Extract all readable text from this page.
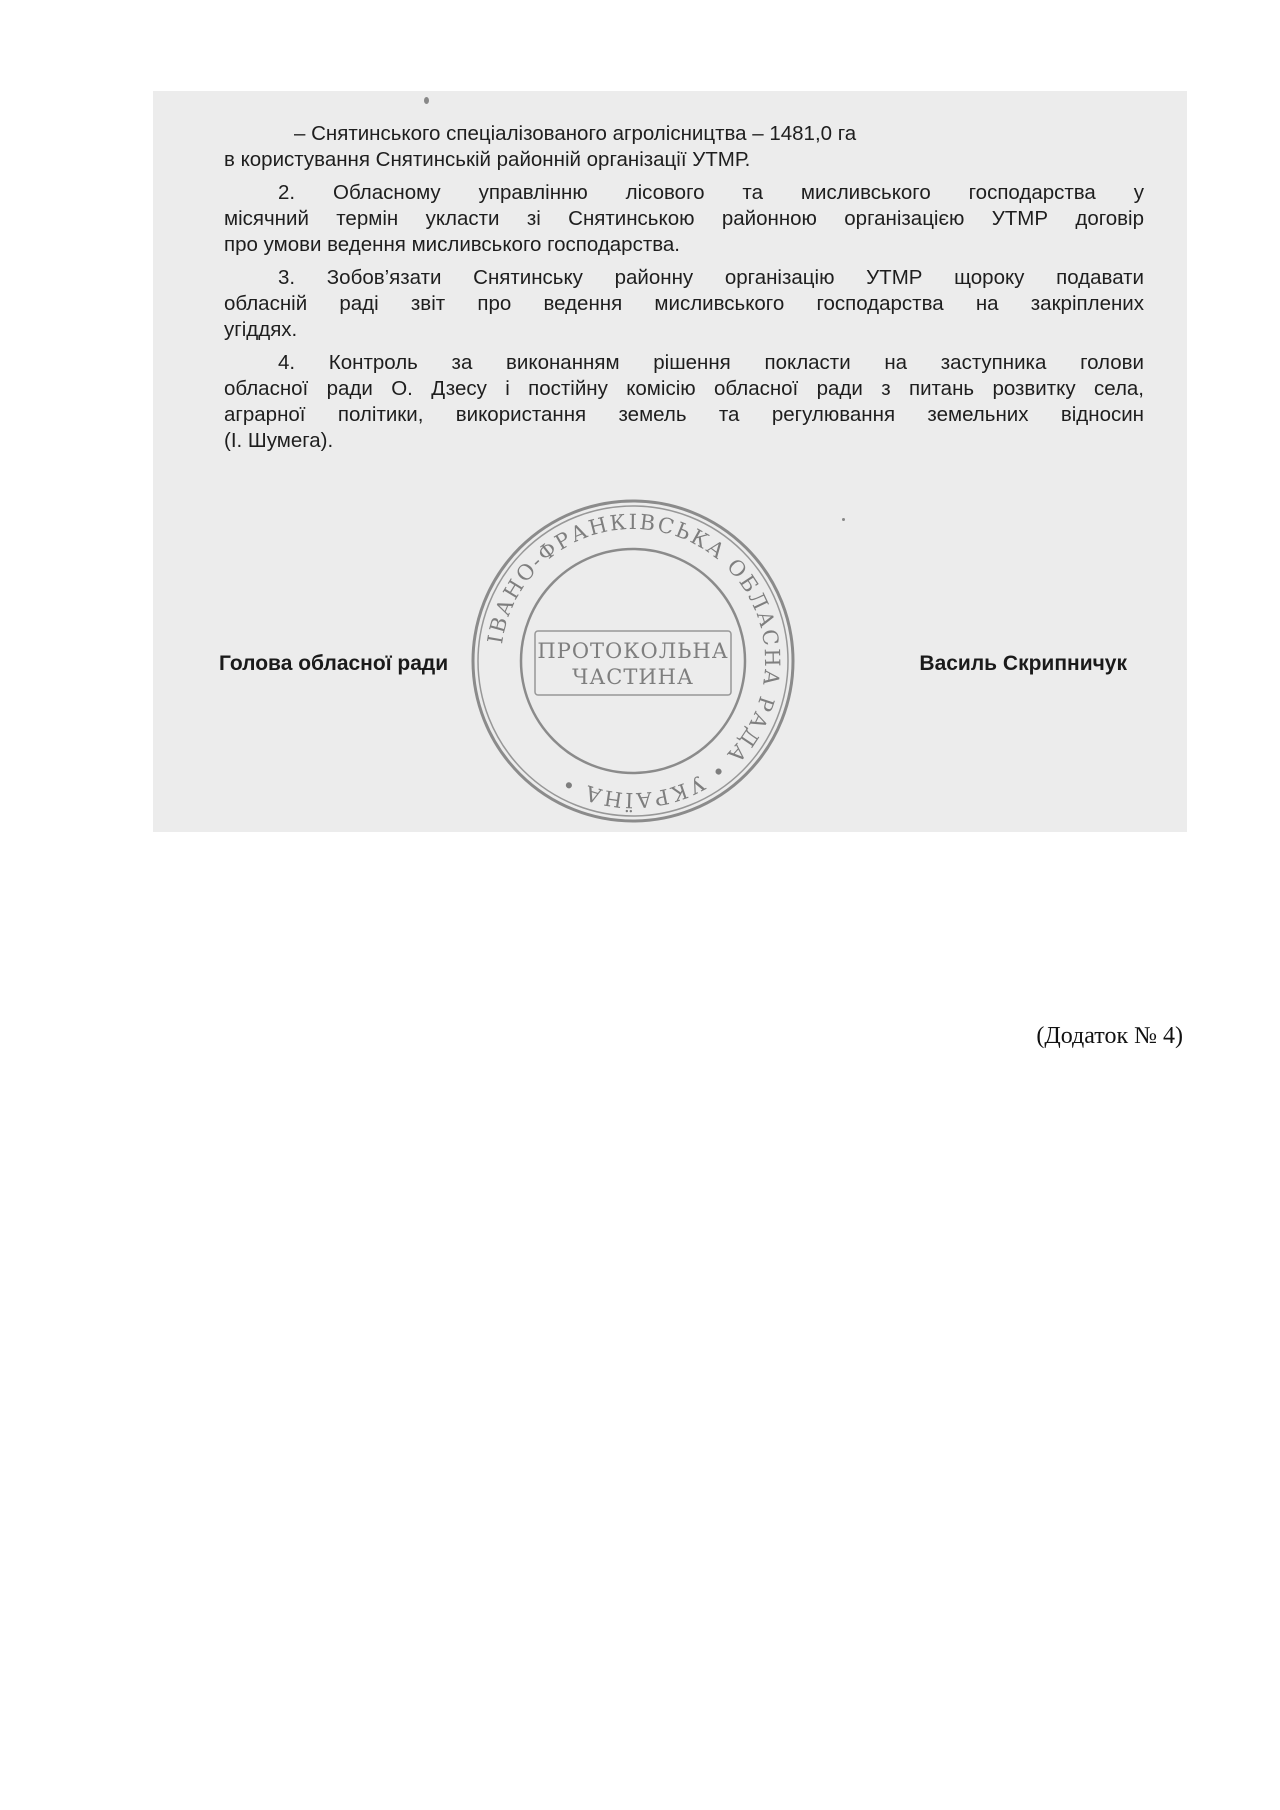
– Снятинського спеціалізованого агролісництва – 1481,0 га
в користування Снятинській районній організації УТМР.
2. Обласному управлінню лісового та мисливського господарства у
місячний термін укласти зі Снятинською районною організацією УТМР договір
про умови ведення мисливського господарства.
3. Зобов’язати Снятинську районну організацію УТМР щороку подавати
обласній раді звіт про ведення мисливського господарства на закріплених
угіддях.
4. Контроль за виконанням рішення покласти на заступника голови
обласної ради О. Дзесу і постійну комісію обласної ради з питань розвитку села,
аграрної політики, використання земель та регулювання земельних відносин
(І. Шумега).
ІВАНО-ФРАНКІВСЬКА ОБЛАСНА РАДА • УКРАЇНА •
ПРОТОКОЛЬНА
ЧАСТИНА
Голова обласної ради	Василь Скрипничук
(Додаток № 4)
